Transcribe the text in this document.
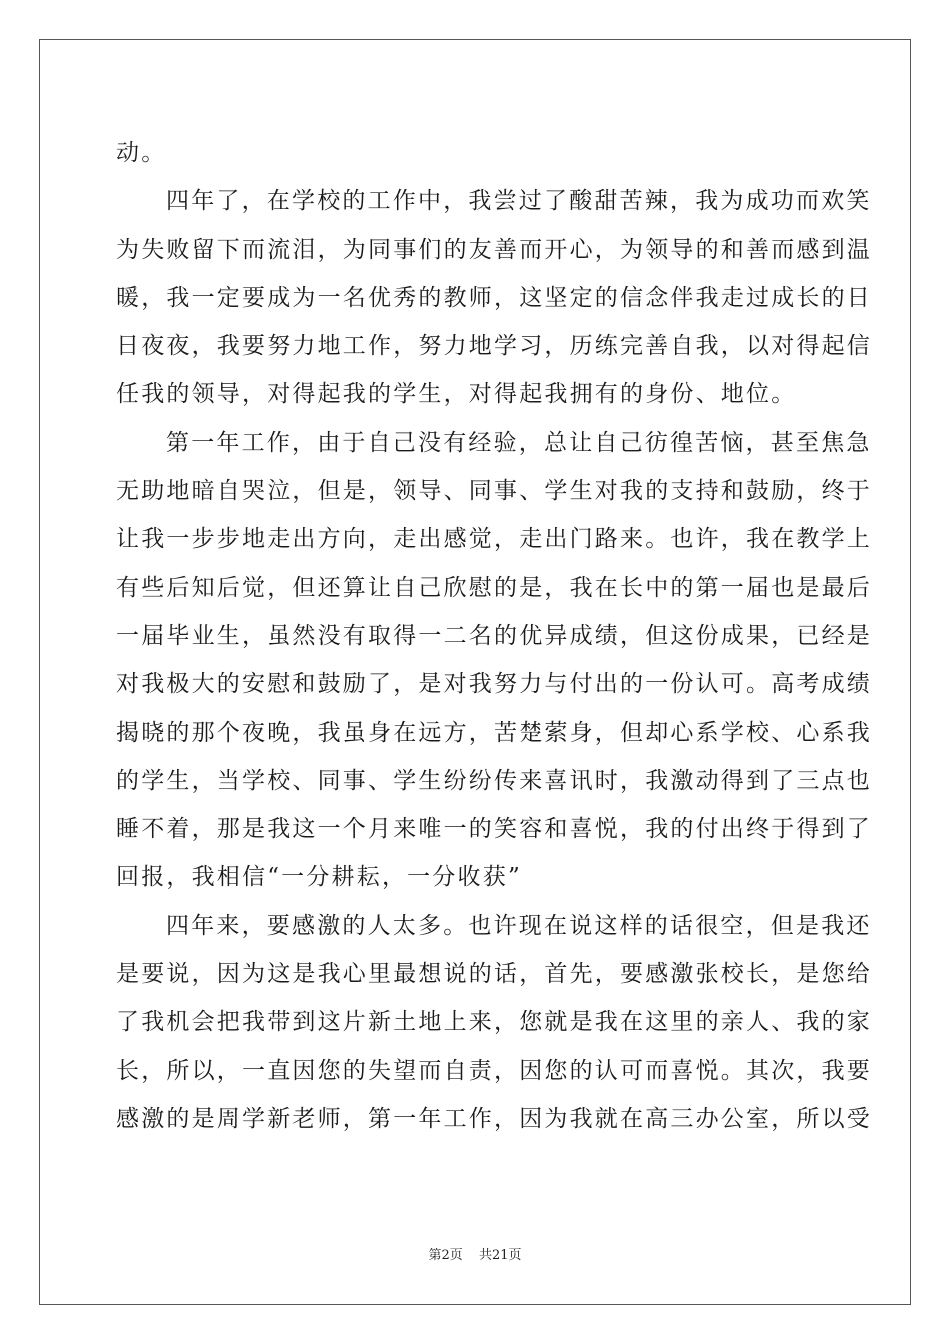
动。
四年了，在学校的工作中，我尝过了酸甜苦辣，我为成功而欢笑
为失败留下而流泪，为同事们的友善而开心，为领导的和善而感到温
暖，我一定要成为一名优秀的教师，这坚定的信念伴我走过成长的日
日夜夜，我要努力地工作，努力地学习，历练完善自我，以对得起信
任我的领导，对得起我的学生，对得起我拥有的身份、地位。
第一年工作，由于自己没有经验，总让自己彷徨苦恼，甚至焦急
无助地暗自哭泣，但是，领导、同事、学生对我的支持和鼓励，终于
让我一步步地走出方向，走出感觉，走出门路来。也许，我在教学上
有些后知后觉，但还算让自己欣慰的是，我在长中的第一届也是最后
一届毕业生，虽然没有取得一二名的优异成绩，但这份成果，已经是
对我极大的安慰和鼓励了，是对我努力与付出的一份认可。高考成绩
揭晓的那个夜晚，我虽身在远方，苦楚萦身，但却心系学校、心系我
的学生，当学校、同事、学生纷纷传来喜讯时，我激动得到了三点也
睡不着，那是我这一个月来唯一的笑容和喜悦，我的付出终于得到了
回报，我相信“一分耕耘，一分收获”
四年来，要感激的人太多。也许现在说这样的话很空，但是我还
是要说，因为这是我心里最想说的话，首先，要感激张校长，是您给
了我机会把我带到这片新土地上来，您就是我在这里的亲人、我的家
长，所以，一直因您的失望而自责，因您的认可而喜悦。其次，我要
感激的是周学新老师，第一年工作，因为我就在高三办公室，所以受
第2页 共21页
